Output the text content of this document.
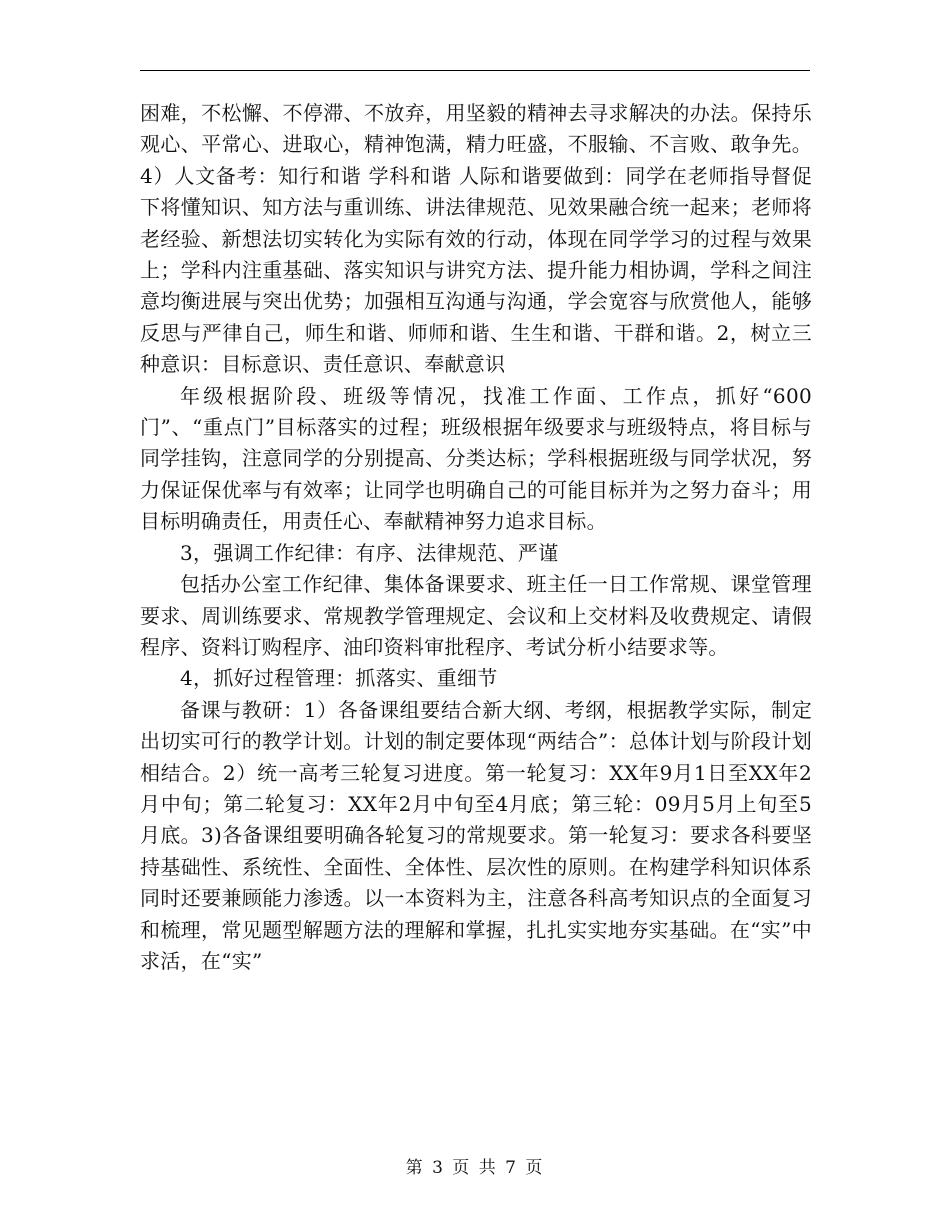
困难，不松懈、不停滞、不放弃，用坚毅的精神去寻求解决的办法。保持乐观心、平常心、进取心，精神饱满，精力旺盛，不服输、不言败、敢争先。4）人文备考：知行和谐 学科和谐 人际和谐要做到：同学在老师指导督促下将懂知识、知方法与重训练、讲法律规范、见效果融合统一起来；老师将老经验、新想法切实转化为实际有效的行动，体现在同学学习的过程与效果上；学科内注重基础、落实知识与讲究方法、提升能力相协调，学科之间注意均衡进展与突出优势；加强相互沟通与沟通，学会宽容与欣赏他人，能够反思与严律自己，师生和谐、师师和谐、生生和谐、干群和谐。2，树立三种意识：目标意识、责任意识、奉献意识

年级根据阶段、班级等情况，找准工作面、工作点，抓好“600门”、“重点门”目标落实的过程；班级根据年级要求与班级特点，将目标与同学挂钩，注意同学的分别提高、分类达标；学科根据班级与同学状况，努力保证保优率与有效率；让同学也明确自己的可能目标并为之努力奋斗；用目标明确责任，用责任心、奉献精神努力追求目标。

3，强调工作纪律：有序、法律规范、严谨

包括办公室工作纪律、集体备课要求、班主任一日工作常规、课堂管理要求、周训练要求、常规教学管理规定、会议和上交材料及收费规定、请假程序、资料订购程序、油印资料审批程序、考试分析小结要求等。

4，抓好过程管理：抓落实、重细节

备课与教研：1）各备课组要结合新大纲、考纲，根据教学实际，制定出切实可行的教学计划。计划的制定要体现“两结合”：总体计划与阶段计划相结合。2）统一高考三轮复习进度。第一轮复习：XX年9月1日至XX年2月中旬；第二轮复习：XX年2月中旬至4月底；第三轮：09月5月上旬至5月底。3)各备课组要明确各轮复习的常规要求。第一轮复习：要求各科要坚持基础性、系统性、全面性、全体性、层次性的原则。在构建学科知识体系同时还要兼顾能力渗透。以一本资料为主，注意各科高考知识点的全面复习和梳理，常见题型解题方法的理解和掌握，扎扎实实地夯实基础。在“实”中求活，在“实”

第 3 页 共 7 页
